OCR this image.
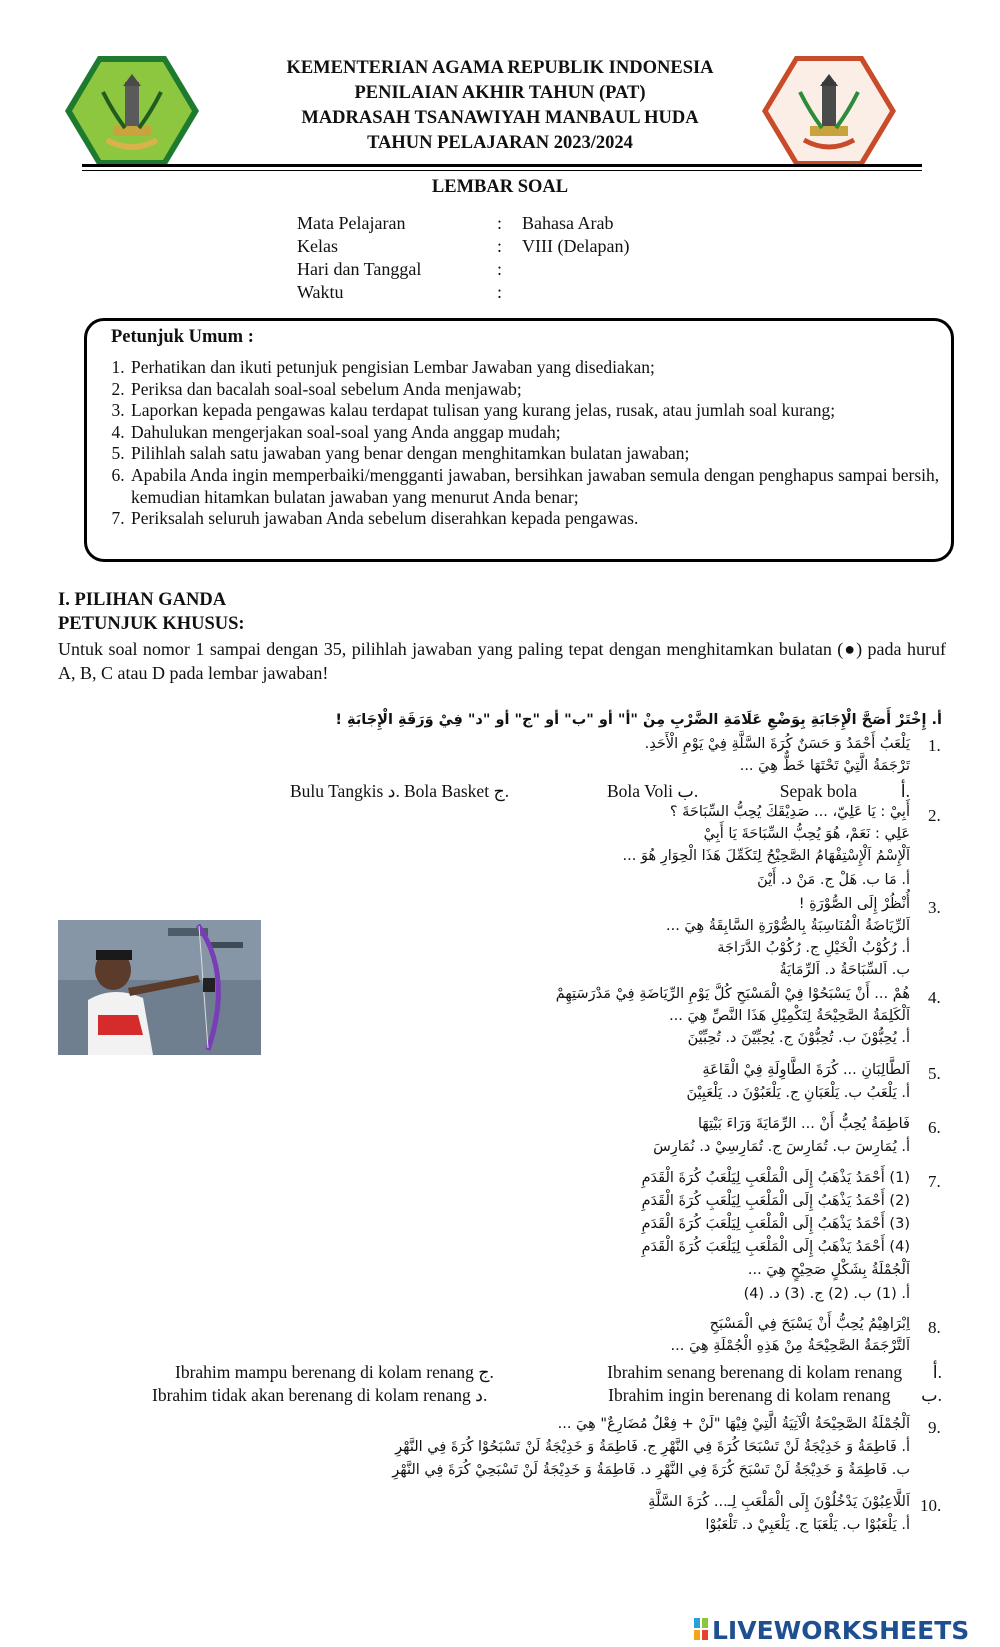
KEMENTERIAN AGAMA REPUBLIK INDONESIA
PENILAIAN AKHIR TAHUN (PAT)
MADRASAH TSANAWIYAH MANBAUL HUDA
TAHUN PELAJARAN 2023/2024
LEMBAR SOAL
Mata Pelajaran	: Bahasa Arab
Kelas	: VIII (Delapan)
Hari dan Tanggal	:
Waktu	:
Petunjuk Umum :
1. Perhatikan dan ikuti petunjuk pengisian Lembar Jawaban yang disediakan;
2. Periksa dan bacalah soal-soal sebelum Anda menjawab;
3. Laporkan kepada pengawas kalau terdapat tulisan yang kurang jelas, rusak, atau jumlah soal kurang;
4. Dahulukan mengerjakan soal-soal yang Anda anggap mudah;
5. Pilihlah salah satu jawaban yang benar dengan menghitamkan bulatan jawaban;
6. Apabila Anda ingin memperbaiki/mengganti jawaban, bersihkan jawaban semula dengan penghapus sampai bersih, kemudian hitamkan bulatan jawaban yang menurut Anda benar;
7. Periksalah seluruh jawaban Anda sebelum diserahkan kepada pengawas.
I. PILIHAN GANDA
PETUNJUK KHUSUS:
Untuk soal nomor 1 sampai dengan 35, pilihlah jawaban yang paling tepat dengan menghitamkan bulatan (●) pada huruf A, B, C atau D pada lembar jawaban!
أ. إِخْتَرْ أَصَحَّ الْإِجَابَةِ بِوَضْعِ عَلَامَةِ الضَّرْبِ مِنْ "أ" أو "ب" أو "ج" أو "د" فِيْ وَرَقَةِ الْإِجَابَةِ !
1.
يَلْعَبُ أَحْمَدُ وَ حَسَنٌ كُرَةَ السَّلَّةِ فِيْ يَوْمِ الْأَحَدِ.
تَرْجَمَةُ الَّتِيْ تَحْتَهَا خَطٌّ هِيَ ...
Sepak bola	أ.
Bola Voli ب.
Bola Basket ج.
Bulu Tangkis د.
2.
أَبِيْ : يَا عَلِيّ، ... صَدِيْقَكَ يُحِبُّ السِّبَاحَةَ ؟
عَلِي : نَعَمْ، هُوَ يُحِبُّ السِّبَاحَةَ يَا أَبِيْ
اَلْإِسْمُ اَلْإِسْتِفْهَامُ الصَّحِيْحُ لِتَكَمِّلَ هَذَا الْحِوَارِ هُوَ ...
أ. مَا ب. هَلْ ج. مَنْ د. أَيْنَ
3.
أُنْظُرْ إِلَى الصُّوْرَةِ !
اَلرِّيَاضَةُ الْمُنَاسِبَةُ بِالصُّوْرَةِ السَّابِقَةُ هِيَ ...
أ. رُكُوْبُ الْخَيْلِ ج. رُكُوْبُ الدَّرَاجَة
ب. اَلسِّبَاحَةُ د. اَلرِّمَايَةُ
4.
هُمْ ... أَنْ يَسْبَحُوْا فِيْ الْمَسْبَحِ كُلَّ يَوْمِ الرِّيَاضَةِ فِيْ مَدْرَسَتِهِمْ
اَلْكَلِمَةُ الصَّحِيْحَةُ لِتَكْمِيْلِ هَذَا النَّصِّ هِيَ ...
أ. يُحِبُّوْنَ ب. تُحِبُّوْنَ ج. يُحِبِّيْنَ د. تُحِبِّيْنَ
5.
اَلطَّالِبَانِ ... كُرَةَ الطَّاوِلَةِ فِيْ الْقَاعَةِ
أ. يَلْعَبُ ب. يَلْعَبَانِ ج. يَلْعَبُوْنَ د. يَلْعَبِيْنَ
6.
فَاطِمَةُ يُحِبُّ أَنْ ... الرِّمَايَةَ وَرَاءَ بَيْتِهَا
أ. يُمَارِسَ ب. تُمَارِسَ ج. تُمَارِسِيْ د. نُمَارِسَ
7.
(1) أَحْمَدُ يَذْهَبُ إِلَى الْمَلْعَبِ لِيَلْعَبُ كُرَةَ الْقَدَمِ
(2) أَحْمَدُ يَذْهَبُ إِلَى الْمَلْعَبِ لِيَلْعَبِ كُرَةَ الْقَدَمِ
(3) أَحْمَدُ يَذْهَبُ إِلَى الْمَلْعَبِ لِيَلْعَبَ كُرَةَ الْقَدَمِ
(4) أَحْمَدُ يَذْهَبُ إِلَى الْمَلْعَبِ لِيَلْعَبَ كُرَةَ الْقَدَمِ
اَلْجُمْلَةُ بِشَكْلٍ صَحِيْحٍ هِيَ ...
أ. (1) ب. (2) ج. (3) د. (4)
8.
اِبْرَاهِيْمُ يُحِبُّ أَنْ يَسْبَحَ فِي الْمَسْبَحِ
اَلتَّرْجَمَةُ الصَّحِيْحَةُ مِنْ هَذِهِ الْجُمْلَةِ هِيَ ...
Ibrahim senang berenang di kolam renang أ.
Ibrahim mampu berenang di kolam renang ج.
Ibrahim ingin berenang di kolam renang ب.
Ibrahim tidak akan berenang di kolam renang د.
9.
اَلْجُمْلَةُ الصَّحِيْحَةُ الْآتِيَةُ الَّتِيْ فِيْهَا "لَنْ + فِعْلٌ مُضَارِعٌ" هِيَ ...
أ. فَاطِمَةُ وَ خَدِيْجَةُ لَنْ تَسْبَحَا كُرَةَ فِي النَّهْرِ ج. فَاطِمَةُ وَ خَدِيْجَةُ لَنْ تَسْبَحُوْا كُرَةَ فِي النَّهْرِ
ب. فَاطِمَةُ وَ خَدِيْجَةُ لَنْ تَسْبَحَ كُرَةَ فِي النَّهْرِ د. فَاطِمَةُ وَ خَدِيْجَةُ لَنْ تَسْبَحِيْ كُرَةَ فِي النَّهْرِ
10.
اَللَّاعِبُوْنَ يَدْخُلُوْنَ إِلَى الْمَلْعَبِ لِـ... كُرَةَ السَّلَّةِ
أ. يَلْعَبُوْا ب. يَلْعَبَا ج. يَلْعَبِيْ د. تَلْعَبُوْا
LIVEWORKSHEETS
